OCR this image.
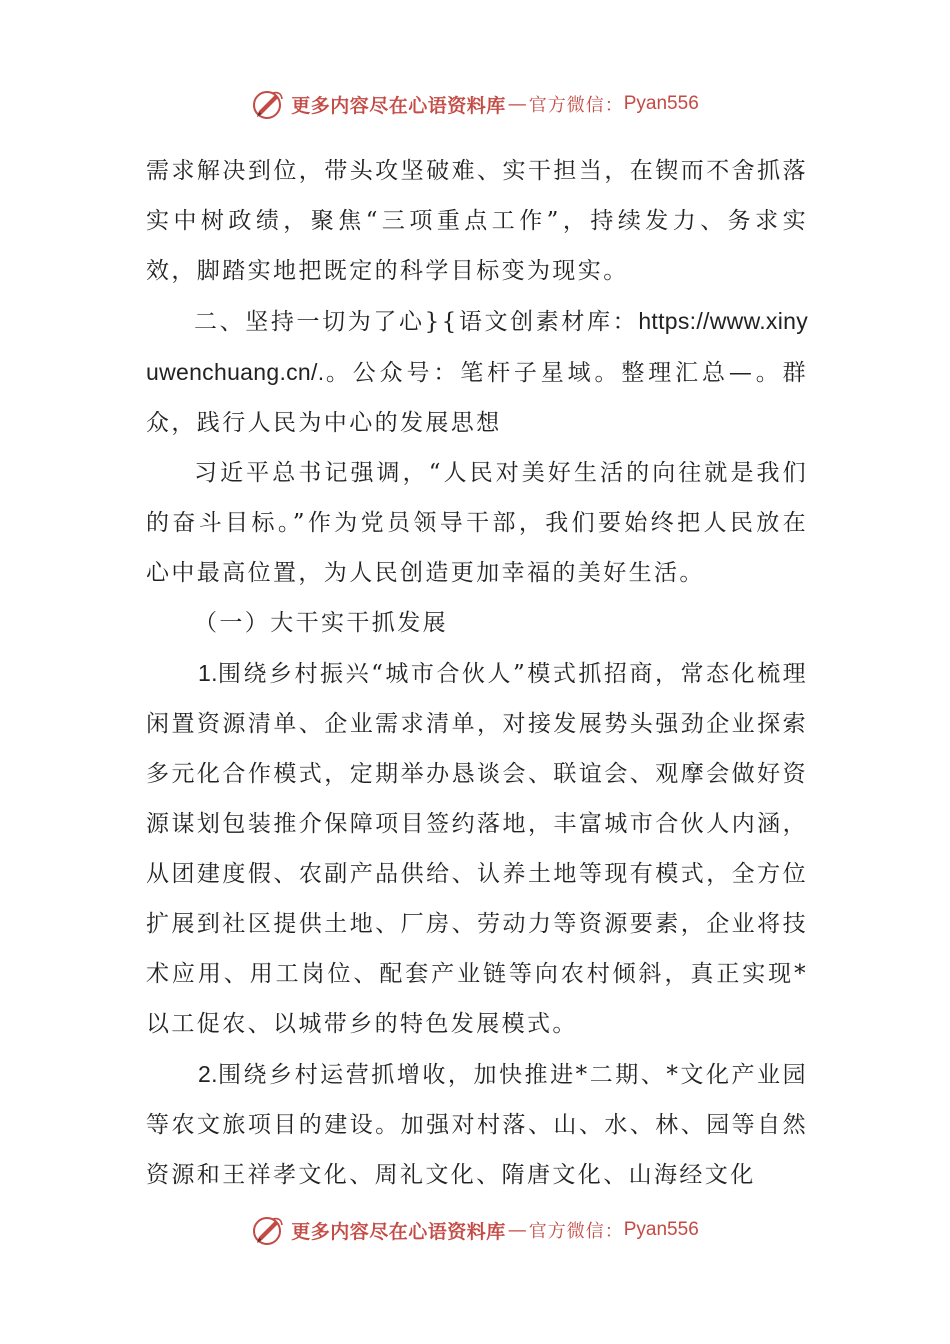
更多内容尽在心语资料库 — 官方微信： Pyan556

需求解决到位，带头攻坚破难、实干担当，在锲而不舍抓落实中树政绩，聚焦“三项重点工作”，持续发力、务求实效，脚踏实地把既定的科学目标变为现实。

二、坚持一切为了心}{语文创素材库：https://www.xinyuwenchuang.cn/.。公众号：笔杆子星域。整理汇总—。群众，践行人民为中心的发展思想

习近平总书记强调，“人民对美好生活的向往就是我们的奋斗目标。”作为党员领导干部，我们要始终把人民放在心中最高位置，为人民创造更加幸福的美好生活。

（一）大干实干抓发展

1.围绕乡村振兴“城市合伙人”模式抓招商，常态化梳理闲置资源清单、企业需求清单，对接发展势头强劲企业探索多元化合作模式，定期举办恳谈会、联谊会、观摩会做好资源谋划包装推介保障项目签约落地，丰富城市合伙人内涵，从团建度假、农副产品供给、认养土地等现有模式，全方位扩展到社区提供土地、厂房、劳动力等资源要素，企业将技术应用、用工岗位、配套产业链等向农村倾斜，真正实现*以工促农、以城带乡的特色发展模式。

2.围绕乡村运营抓增收，加快推进*二期、*文化产业园等农文旅项目的建设。加强对村落、山、水、林、园等自然资源和王祥孝文化、周礼文化、隋唐文化、山海经文化

更多内容尽在心语资料库 — 官方微信： Pyan556
